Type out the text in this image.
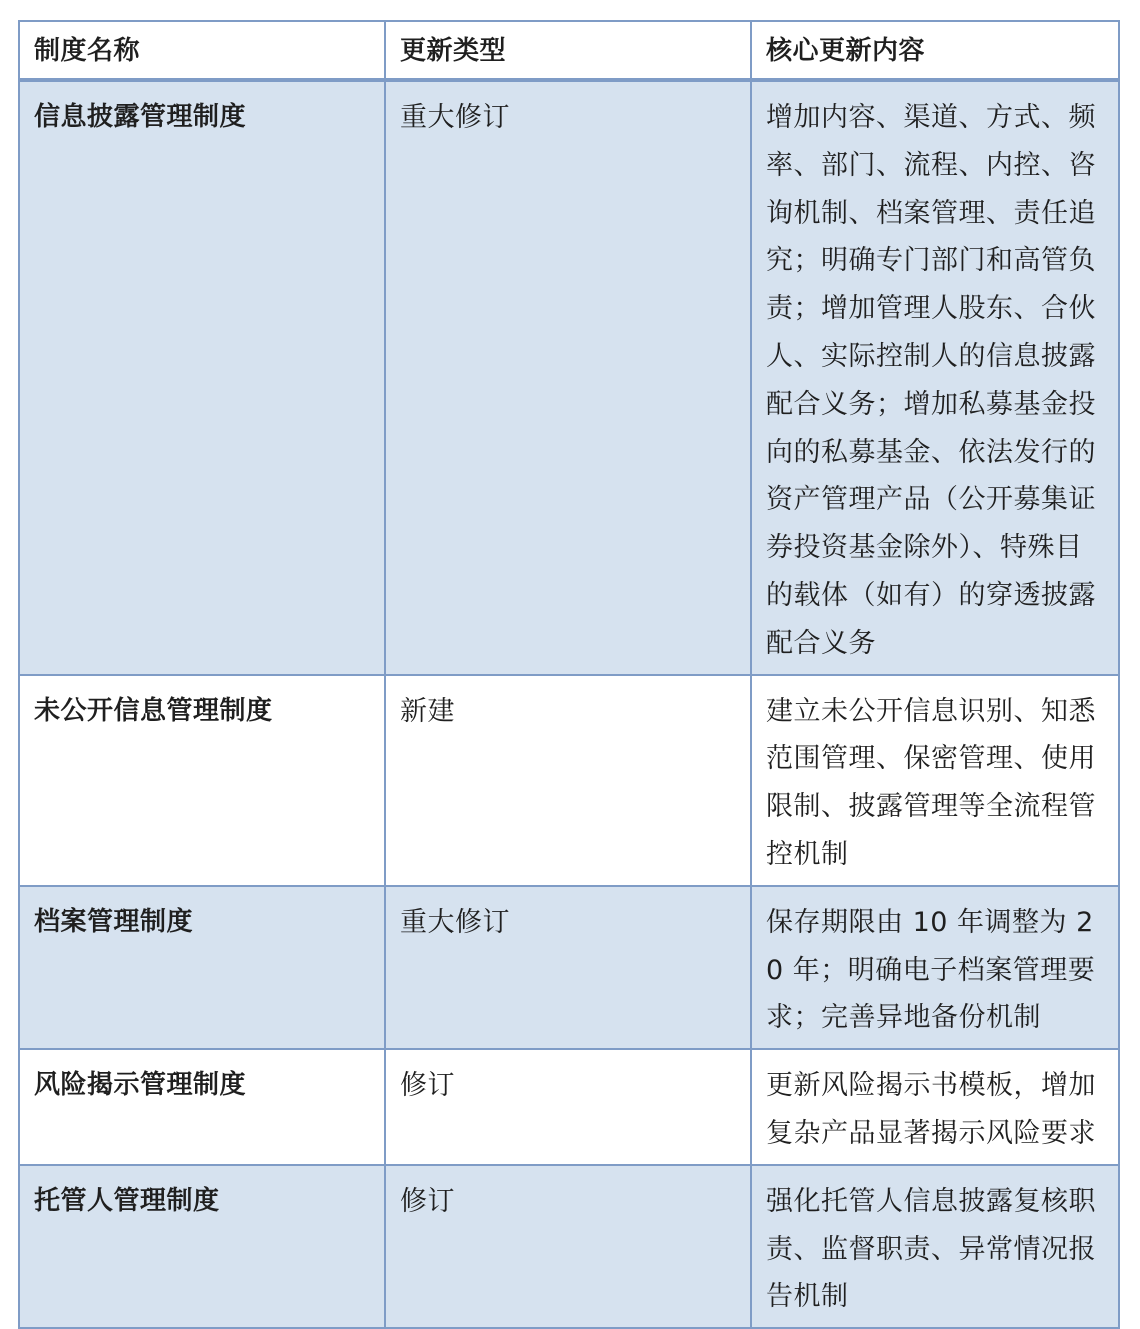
制度名称	更新类型	核心更新内容
信息披露管理制度	重大修订	增加内容、渠道、方式、频率、部门、流程、内控、咨询机制、档案管理、责任追究；明确专门部门和高管负责；增加管理人股东、合伙人、实际控制人的信息披露配合义务；增加私募基金投向的私募基金、依法发行的资产管理产品（公开募集证券投资基金除外）、特殊目的载体（如有）的穿透披露配合义务
未公开信息管理制度	新建	建立未公开信息识别、知悉范围管理、保密管理、使用限制、披露管理等全流程管控机制
档案管理制度	重大修订	保存期限由 10 年调整为 20 年；明确电子档案管理要求；完善异地备份机制
风险揭示管理制度	修订	更新风险揭示书模板，增加复杂产品显著揭示风险要求
托管人管理制度	修订	强化托管人信息披露复核职责、监督职责、异常情况报告机制
